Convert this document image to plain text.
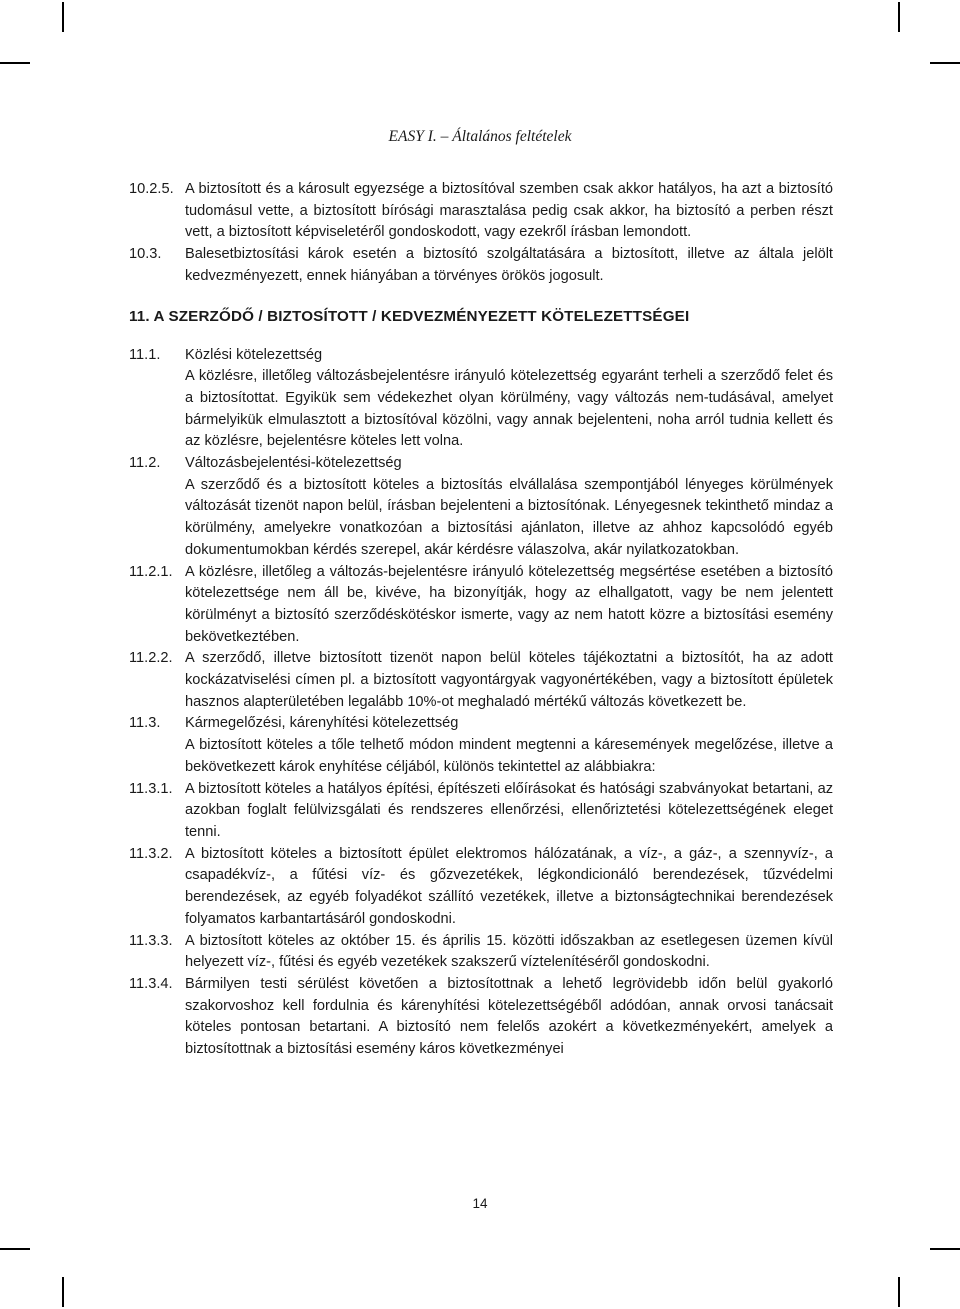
EASY I. – Általános feltételek
10.2.5. A biztosított és a károsult egyezsége a biztosítóval szemben csak akkor hatályos, ha azt a biztosító tudomásul vette, a biztosított bírósági marasztalása pedig csak akkor, ha biztosító a perben részt vett, a biztosított képviseletéről gondoskodott, vagy ezekről írásban lemondott.
10.3.	Balesetbiztosítási károk esetén a biztosító szolgáltatására a biztosított, illetve az általa jelölt kedvezményezett, ennek hiányában a törvényes örökös jogosult.
11. A SZERZŐDŐ / BIZTOSÍTOTT / KEDVEZMÉNYEZETT KÖTELEZETTSÉGEI
11.1.	Közlési kötelezettség
A közlésre, illetőleg változásbejelentésre irányuló kötelezettség egyaránt terheli a szerződő felet és a biztosítottat. Egyikük sem védekezhet olyan körülmény, vagy változás nem-tudásával, amelyet bármelyikük elmulasztott a biztosítóval közölni, vagy annak bejelenteni, noha arról tudnia kellett és az közlésre, bejelentésre köteles lett volna.
11.2.	Változásbejelentési-kötelezettség
A szerződő és a biztosított köteles a biztosítás elvállalása szempontjából lényeges körülmények változását tizenöt napon belül, írásban bejelenteni a biztosítónak. Lényegesnek tekinthető mindaz a körülmény, amelyekre vonatkozóan a biztosítási ajánlaton, illetve az ahhoz kapcsolódó egyéb dokumentumokban kérdés szerepel, akár kérdésre válaszolva, akár nyilatkozatokban.
11.2.1. A közlésre, illetőleg a változás-bejelentésre irányuló kötelezettség megsértése esetében a biztosító kötelezettsége nem áll be, kivéve, ha bizonyítják, hogy az elhallgatott, vagy be nem jelentett körülményt a biztosító szerződéskötéskor ismerte, vagy az nem hatott közre a biztosítási esemény bekövetkeztében.
11.2.2. A szerződő, illetve biztosított tizenöt napon belül köteles tájékoztatni a biztosítót, ha az adott kockázatviselési címen pl. a biztosított vagyontárgyak vagyonértékében, vagy a biztosított épületek hasznos alapterületében legalább 10%-ot meghaladó mértékű változás következett be.
11.3.	Kármegelőzési, kárenyhítési kötelezettség
A biztosított köteles a tőle telhető módon mindent megtenni a káresemények megelőzése, illetve a bekövetkezett károk enyhítése céljából, különös tekintettel az alábbiakra:
11.3.1. A biztosított köteles a hatályos építési, építészeti előírásokat és hatósági szabványokat betartani, az azokban foglalt felülvizsgálati és rendszeres ellenőrzési, ellenőriztetési kötelezettségének eleget tenni.
11.3.2. A biztosított köteles a biztosított épület elektromos hálózatának, a víz-, a gáz-, a szennyvíz-, a csapadékvíz-, a fűtési víz- és gőzvezetékek, légkondicionáló berendezések, tűzvédelmi berendezések, az egyéb folyadékot szállító vezetékek, illetve a biztonságtechnikai berendezések folyamatos karbantartásáról gondoskodni.
11.3.3. A biztosított köteles az október 15. és április 15. közötti időszakban az esetlegesen üzemen kívül helyezett víz-, fűtési és egyéb vezetékek szakszerű víztelenítéséről gondoskodni.
11.3.4. Bármilyen testi sérülést követően a biztosítottnak a lehető legrövidebb időn belül gyakorló szakorvoshoz kell fordulnia és kárenyhítési kötelezettségéből adódóan, annak orvosi tanácsait köteles pontosan betartani. A biztosító nem felelős azokért a következményekért, amelyek a biztosítottnak a biztosítási esemény káros következményei
14
